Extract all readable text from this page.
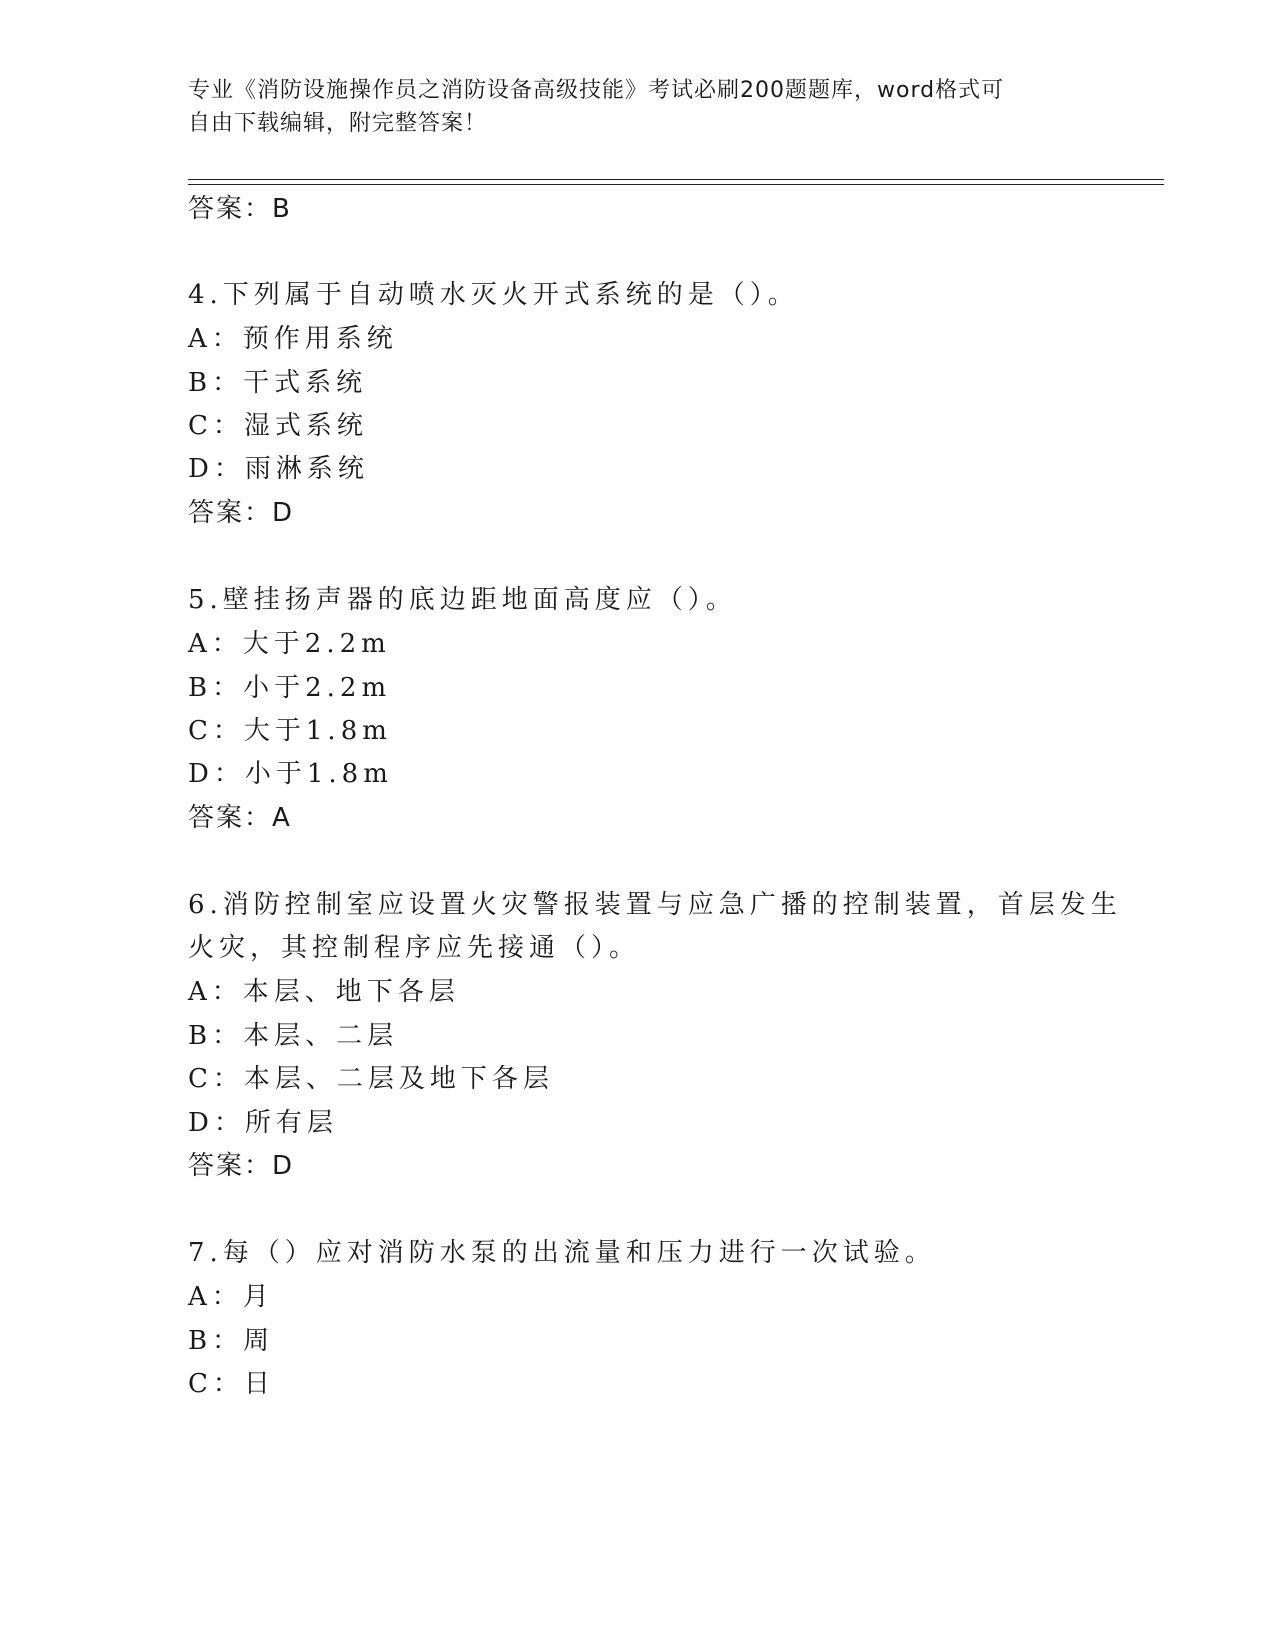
专业《消防设施操作员之消防设备高级技能》考试必刷200题题库，word格式可
自由下载编辑，附完整答案！
答案：B
4.下列属于自动喷水灭火开式系统的是（）。
A：预作用系统
B：干式系统
C：湿式系统
D：雨淋系统
答案：D
5.壁挂扬声器的底边距地面高度应（）。
A：大于2.2m
B：小于2.2m
C：大于1.8m
D：小于1.8m
答案：A
6.消防控制室应设置火灾警报装置与应急广播的控制装置，首层发生
火灾，其控制程序应先接通（）。
A：本层、地下各层
B：本层、二层
C：本层、二层及地下各层
D：所有层
答案：D
7.每（）应对消防水泵的出流量和压力进行一次试验。
A：月
B：周
C：日
